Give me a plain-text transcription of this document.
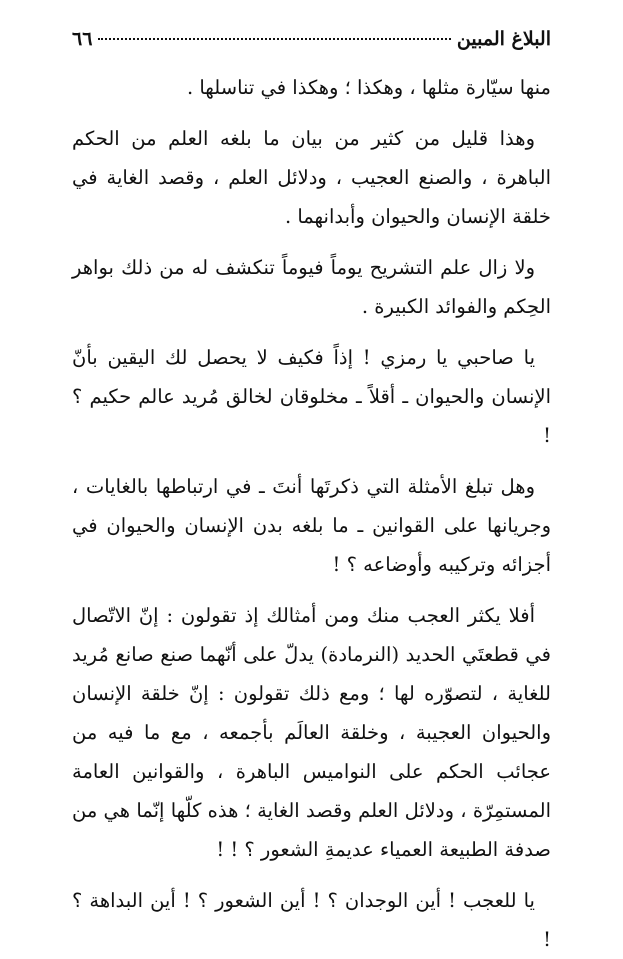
البلاغ المبين
٦٦

منها سيّارة مثلها ، وهكذا ؛ وهكذا في تناسلها .

وهذا قليل من كثير من بيان ما بلغه العلم من الحكم الباهرة ، والصنع العجيب ، ودلائل العلم ، وقصد الغاية في خلقة الإنسان والحيوان وأبدانهما .

ولا زال علم التشريح يوماً فيوماً تنكشف له من ذلك بواهر الحِكم والفوائد الكبيرة .

يا صاحبي يا رمزي ! إذاً فكيف لا يحصل لك اليقين بأنّ الإنسان والحيوان ـ أقلاً ـ مخلوقان لخالق مُريد عالم حكيم ؟ !

وهل تبلغ الأمثلة التي ذكرتَها أنتَ ـ في ارتباطها بالغايات ، وجريانها على القوانين ـ ما بلغه بدن الإنسان والحيوان في أجزائه وتركيبه وأوضاعه ؟ !

أفلا يكثر العجب منك ومن أمثالك إذ تقولون : إنّ الاتّصال في قطعتَي الحديد (النرمادة) يدلّ على أنّهما صنع صانع مُريد للغاية ، لتصوّره لها ؛ ومع ذلك تقولون : إنّ خلقة الإنسان والحيوان العجيبة ، وخلقة العالَم بأجمعه ، مع ما فيه من عجائب الحكم على النواميس الباهرة ، والقوانين العامة المستمِرّة ، ودلائل العلم وقصد الغاية ؛ هذه كلّها إنّما هي من صدفة الطبيعة العمياء عديمةِ الشعور ؟ ! !

يا للعجب ! أين الوجدان ؟ ! أين الشعور ؟ ! أين البداهة ؟ !
